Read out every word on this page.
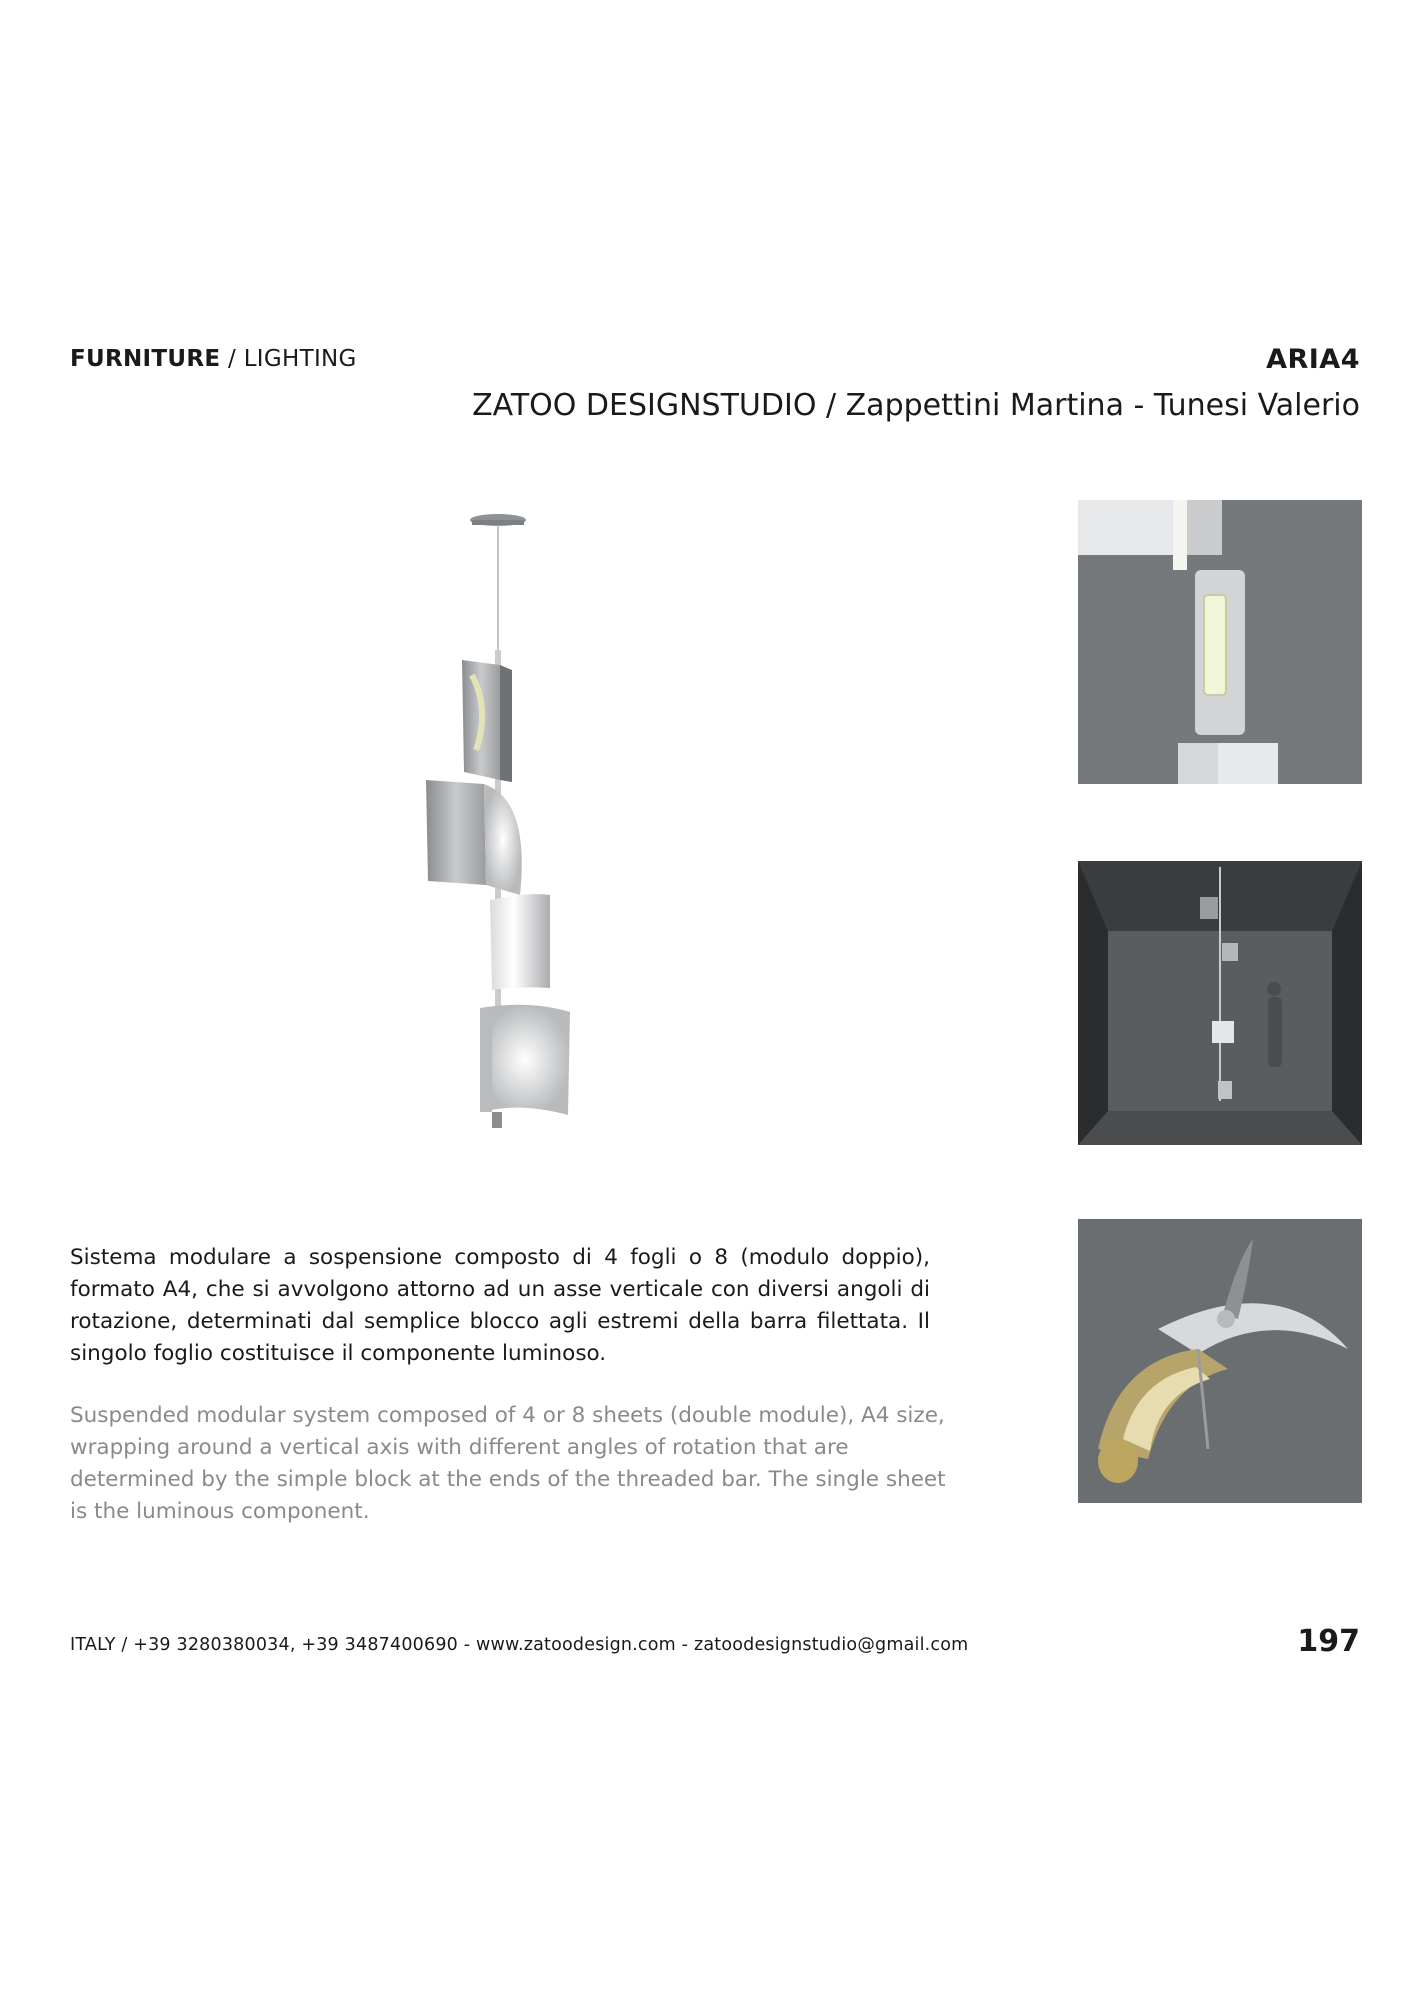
FURNITURE / LIGHTING	ARIA4
ZATOO DESIGNSTUDIO / Zappettini Martina - Tunesi Valerio

Sistema modulare a sospensione composto di 4 fogli o 8 (modulo doppio), formato A4, che si avvolgono attorno ad un asse verticale con diversi angoli di rotazione, determinati dal semplice blocco agli estremi della barra filettata. Il singolo foglio costituisce il componente luminoso.

Suspended modular system composed of 4 or 8 sheets (double module), A4 size, wrapping around a vertical axis with different angles of rotation that are determined by the simple block at the ends of the threaded bar. The single sheet is the luminous component.

ITALY / +39 3280380034, +39 3487400690 - www.zatoodesign.com - zatoodesignstudio@gmail.com	197
